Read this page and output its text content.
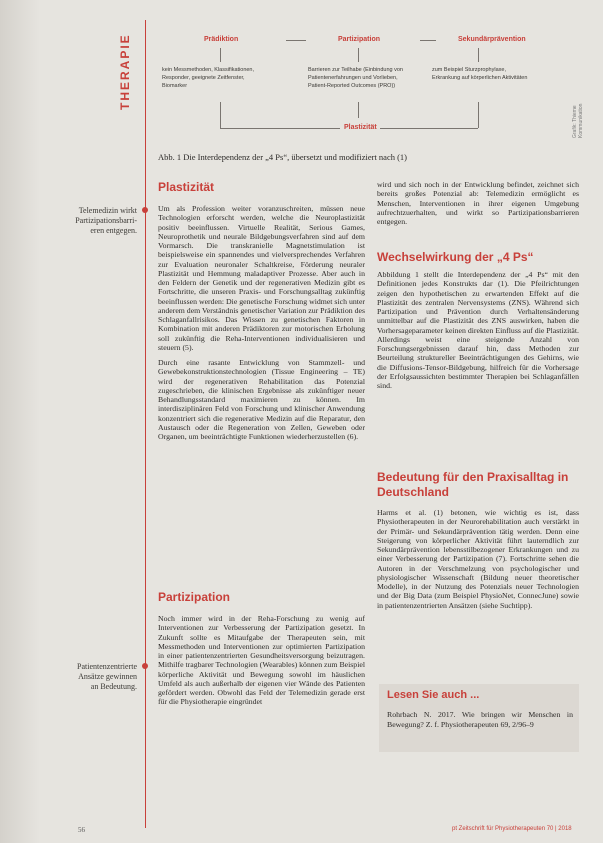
THERAPIE	Prädiktion	Partizipation	Sekundärprävention
kein Messmethoden, Klassifikationen,
Responder, geeignete Zeitfenster,
Biomarker
Barrieren zur Teilhabe (Einbindung von
Patientenerfahrungen und Vorlieben,
Patient-Reported Outcomes (PRO))
zum Beispiel Sturzprophylaxe,
Erkrankung auf körperlichen Aktivitäten
Plastizität	Grafik: Thieme Kommunikation
Abb. 1 Die Interdependenz der „4 Ps“, übersetzt und modifiziert nach (1)
Telemedizin wirkt
Partizipationsbarri-
eren entgegen.
Patientenzentrierte
Ansätze gewinnen
an Bedeutung.
Plastizität

Um als Profession weiter voranzuschreiten, müssen neue Technologien erforscht werden, welche die Neuroplastizität positiv beeinflussen. Virtuelle Realität, Serious Games, Neuroprothetik und neurale Bildgebungsverfahren sind auf dem Vormarsch. Die transkranielle Magnetstimulation ist beispielsweise ein spannendes und vielversprechendes Verfahren zur Evaluation neuronaler Schaltkreise, Förderung neuraler Plastizität und Hemmung maladaptiver Prozesse. Aber auch in den Feldern der Genetik und der regenerativen Medizin gibt es Fortschritte, die unseren Praxis- und Forschungsalltag zukünftig beeinflussen werden: Die genetische Forschung widmet sich unter anderem dem Verständnis genetischer Variation zur Prädiktion des Schlaganfallrisikos. Das Wissen zu genetischen Faktoren in Kombination mit anderen Prädiktoren zur motorischen Erholung soll zukünftig die Reha-Interventionen individualisieren und steuern (5).

Durch eine rasante Entwicklung von Stammzell- und Gewebekonstruktionstechnologien (Tissue Engineering – TE) wird der regenerativen Rehabilitation das Potenzial zugeschrieben, die klinischen Ergebnisse als zukünftiger neuer Behandlungsstandard maximieren zu können. Im interdisziplinären Feld von Forschung und klinischer Anwendung konzentriert sich die regenerative Medizin auf die Reparatur, den Austausch oder die Regeneration von Zellen, Geweben oder Organen, um beeinträchtigte Funktionen wiederherzustellen (6).

Partizipation

Noch immer wird in der Reha-Forschung zu wenig auf Interventionen zur Verbesserung der Partizipation gesetzt. In Zukunft sollte es Mitaufgabe der Therapeuten sein, mit Messmethoden und Interventionen zur optimierten Partizipation in einer patientenzentrierten Gesundheitsversorgung beizutragen. Mithilfe tragbarer Technologien (Wearables) können zum Beispiel körperliche Aktivität und Bewegung sowohl im häuslichen Umfeld als auch außerhalb der eigenen vier Wände des Patienten gefördert werden. Obwohl das Feld der Telemedizin gerade erst für die Physiotherapie eingründet

wird und sich noch in der Entwicklung befindet, zeichnet sich bereits großes Potenzial ab: Telemedizin ermöglicht es Menschen, Interventionen in ihrer eigenen Umgebung aufrechtzuerhalten, und wirkt so Partizipationsbarrieren entgegen.

Wechselwirkung der „4 Ps“

Abbildung 1 stellt die Interdependenz der „4 Ps“ mit den Definitionen jedes Konstrukts dar (1). Die Pfeilrichtungen zeigen den hypothetischen zu erwartenden Effekt auf die Plastizität des zentralen Nervensystems (ZNS). Während sich Partizipation und Prävention durch Verhaltensänderung unmittelbar auf die Plastizität des ZNS auswirken, haben die Vorhersageparameter keinen direkten Einfluss auf die Plastizität. Allerdings weist eine steigende Anzahl von Forschungsergebnissen darauf hin, dass Methoden zur Beurteilung struktureller Beeinträchtigungen des Gehirns, wie die Diffusions-Tensor-Bildgebung, hilfreich für die Vorhersage der Erfolgsaussichten bestimmter Therapien bei Schlaganfällen sind.

Bedeutung für den Praxisalltag in Deutschland

Harms et al. (1) betonen, wie wichtig es ist, dass Physiotherapeuten in der Neurorehabilitation auch verstärkt in der Primär- und Sekundärprävention tätig werden. Denn eine Steigerung von körperlicher Aktivität führt lauterndlich zur Sekundärprävention lebensstilbezogener Erkrankungen und zu einer Verbesserung der Partizipation (7). Fortschritte sehen die Autoren in der Verschmelzung von psychologischer und physiologischer Wissenschaft (Bildung neuer theoretischer Modelle), in der Nutzung des Potenzials neuer Technologien und der Big Data (zum Beispiel PhysioNet, ConnecJune) sowie in patientenzentrierten Ansätzen (siehe Suchtipp).

Lesen Sie auch ...
Rohrbach N. 2017. Wie bringen wir Menschen in Bewegung? Z. f. Physiotherapeuten 69, 2/96–9
56	pt Zeitschrift für Physiotherapeuten 70 | 2018
